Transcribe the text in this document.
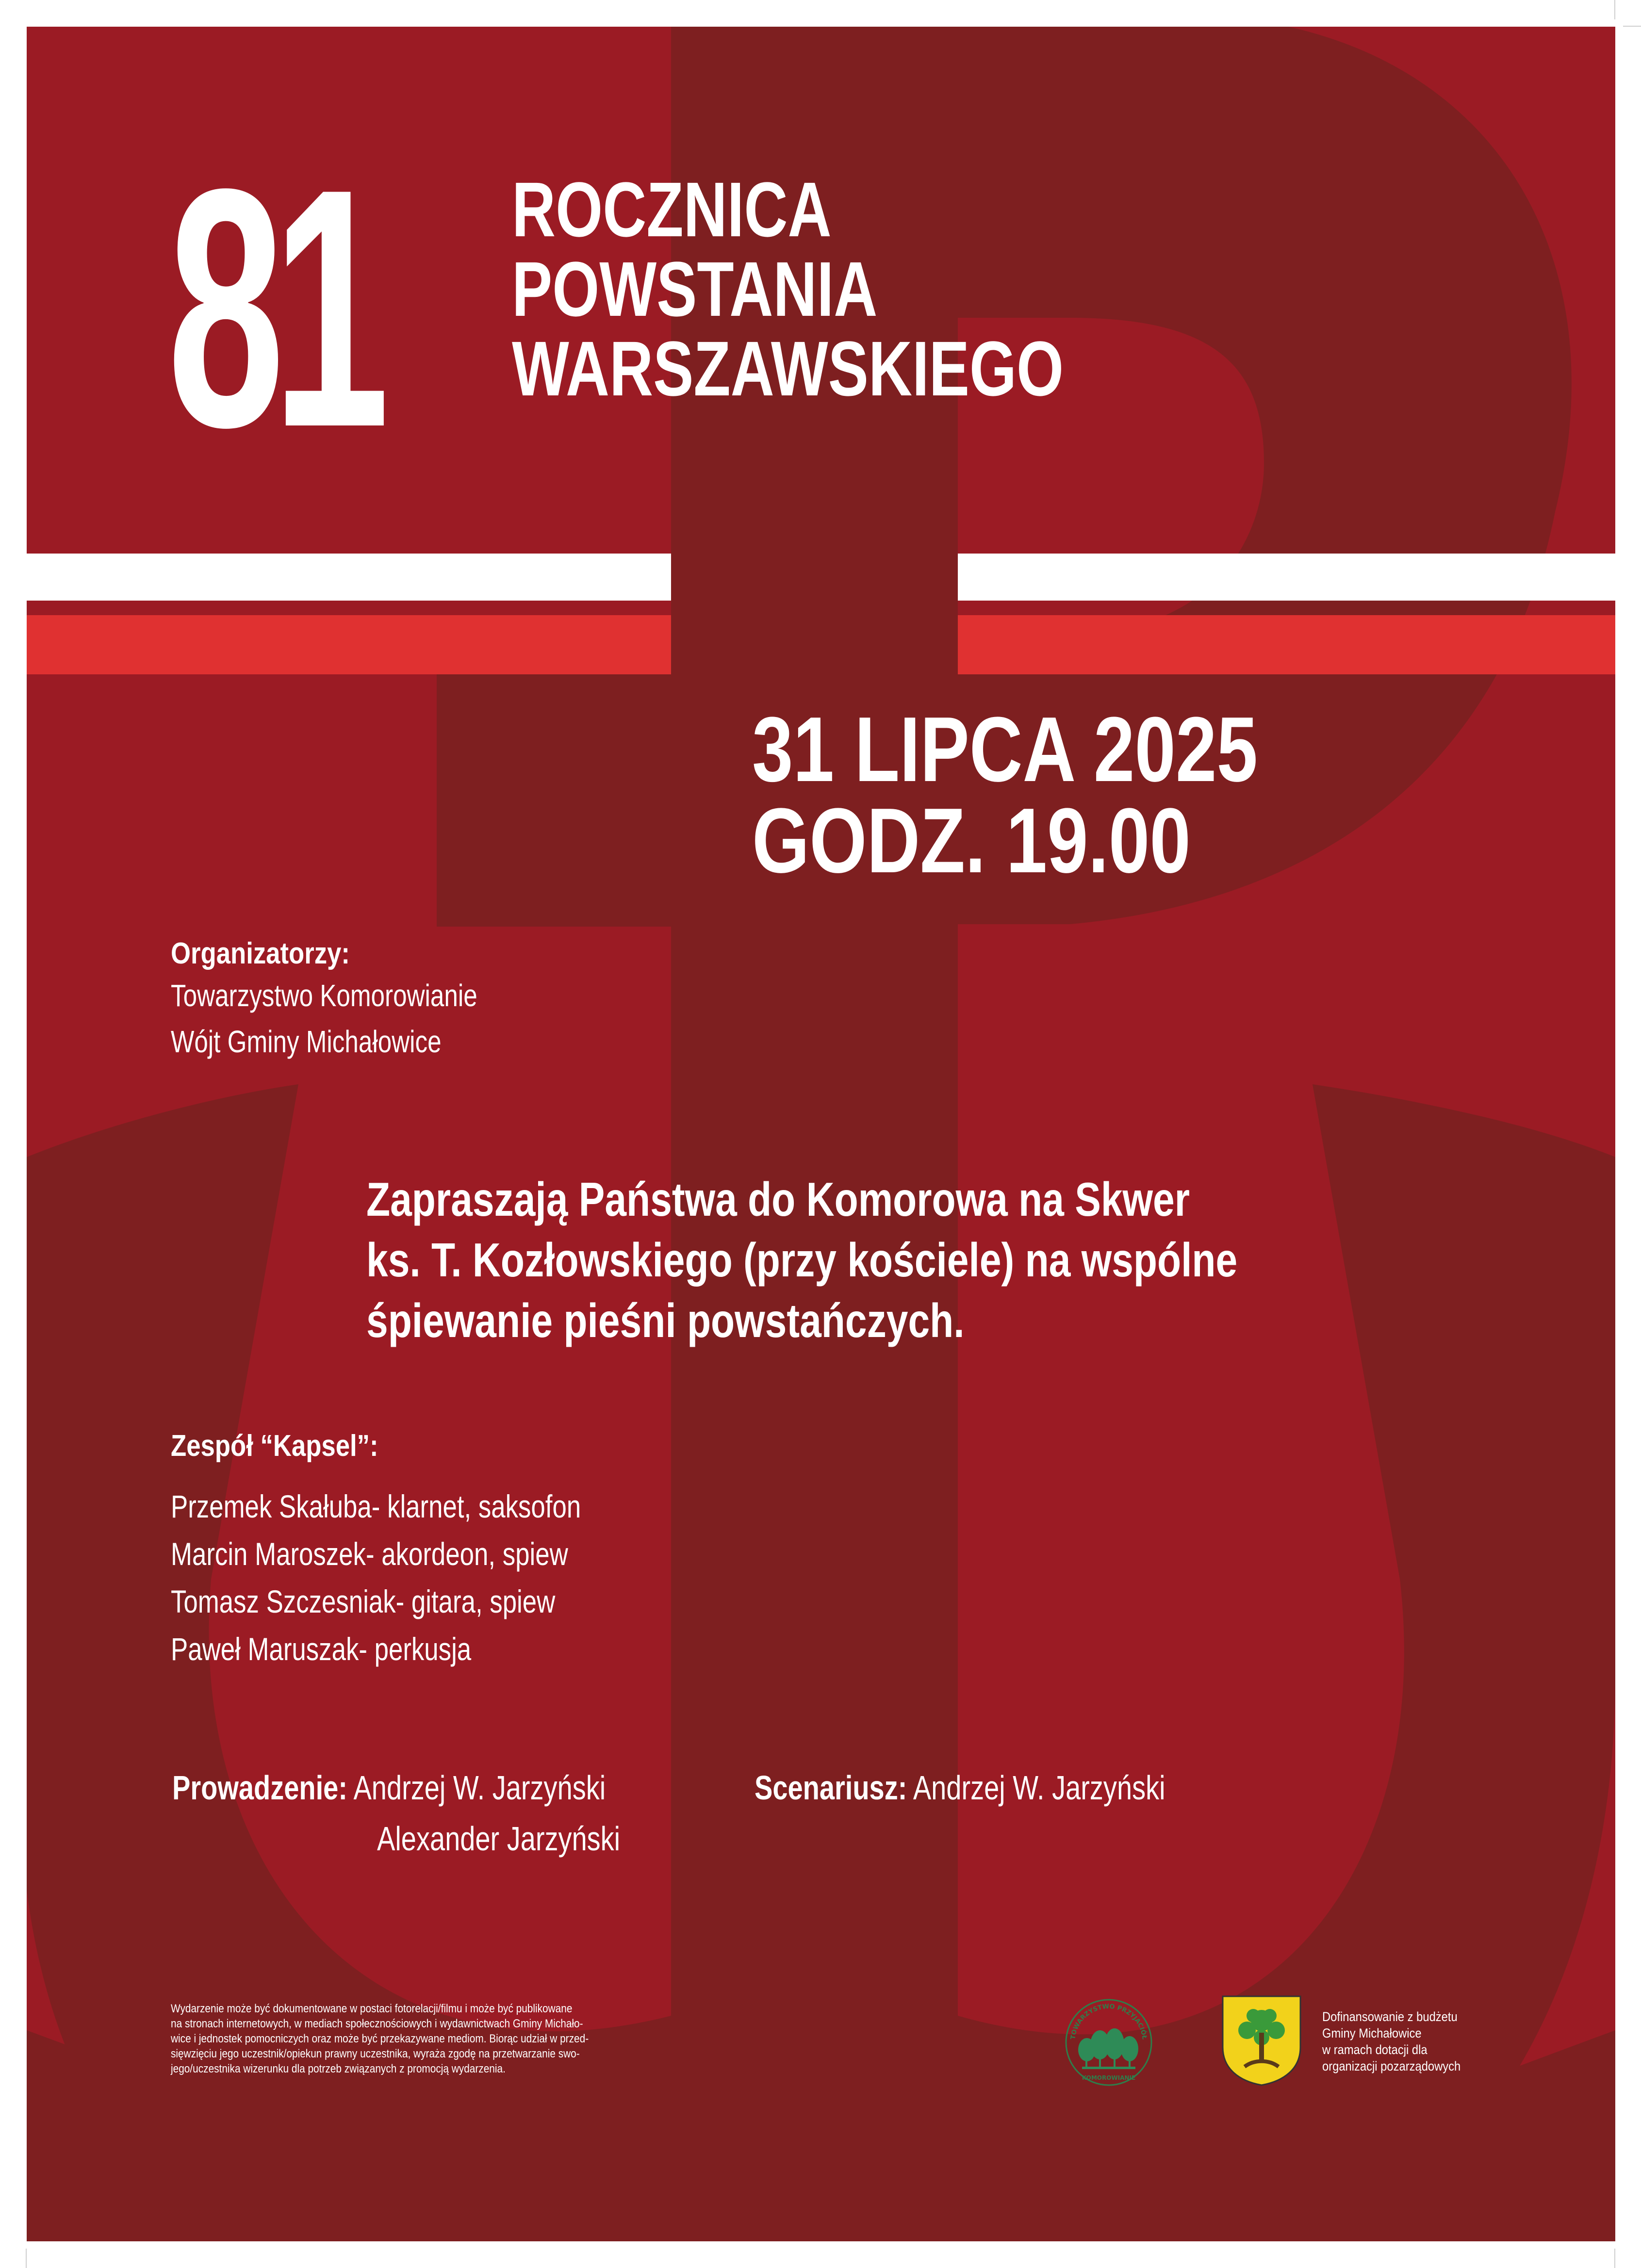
81 ROCZNICA
POWSTANIA
WARSZAWSKIEGO
31 LIPCA 2025
GODZ. 19.00
Organizatorzy:
Towarzystwo Komorowianie
Wójt Gminy Michałowice
Zapraszają Państwa do Komorowa na Skwer
ks. T. Kozłowskiego (przy kościele) na wspólne
śpiewanie pieśni powstańczych.
Zespół “Kapsel”:
Przemek Skałuba- klarnet, saksofon
Marcin Maroszek- akordeon, spiew
Tomasz Szczesniak- gitara, spiew
Paweł Maruszak- perkusja
Prowadzenie: Andrzej W. Jarzyński
Alexander Jarzyński
Scenariusz: Andrzej W. Jarzyński
Wydarzenie może być dokumentowane w postaci fotorelacji/filmu i może być publikowane
na stronach internetowych, w mediach społecznościowych i wydawnictwach Gminy Michało-
wice i jednostek pomocniczych oraz może być przekazywane mediom. Biorąc udział w przed-
sięwzięciu jego uczestnik/opiekun prawny uczestnika, wyraża zgodę na przetwarzanie swo-
jego/uczestnika wizerunku dla potrzeb związanych z promocją wydarzenia.
TOWARZYSTWO PRZYJACIÓŁ
KOMOROWIANIE
Dofinansowanie z budżetu
Gminy Michałowice
w ramach dotacji dla
organizacji pozarządowych
